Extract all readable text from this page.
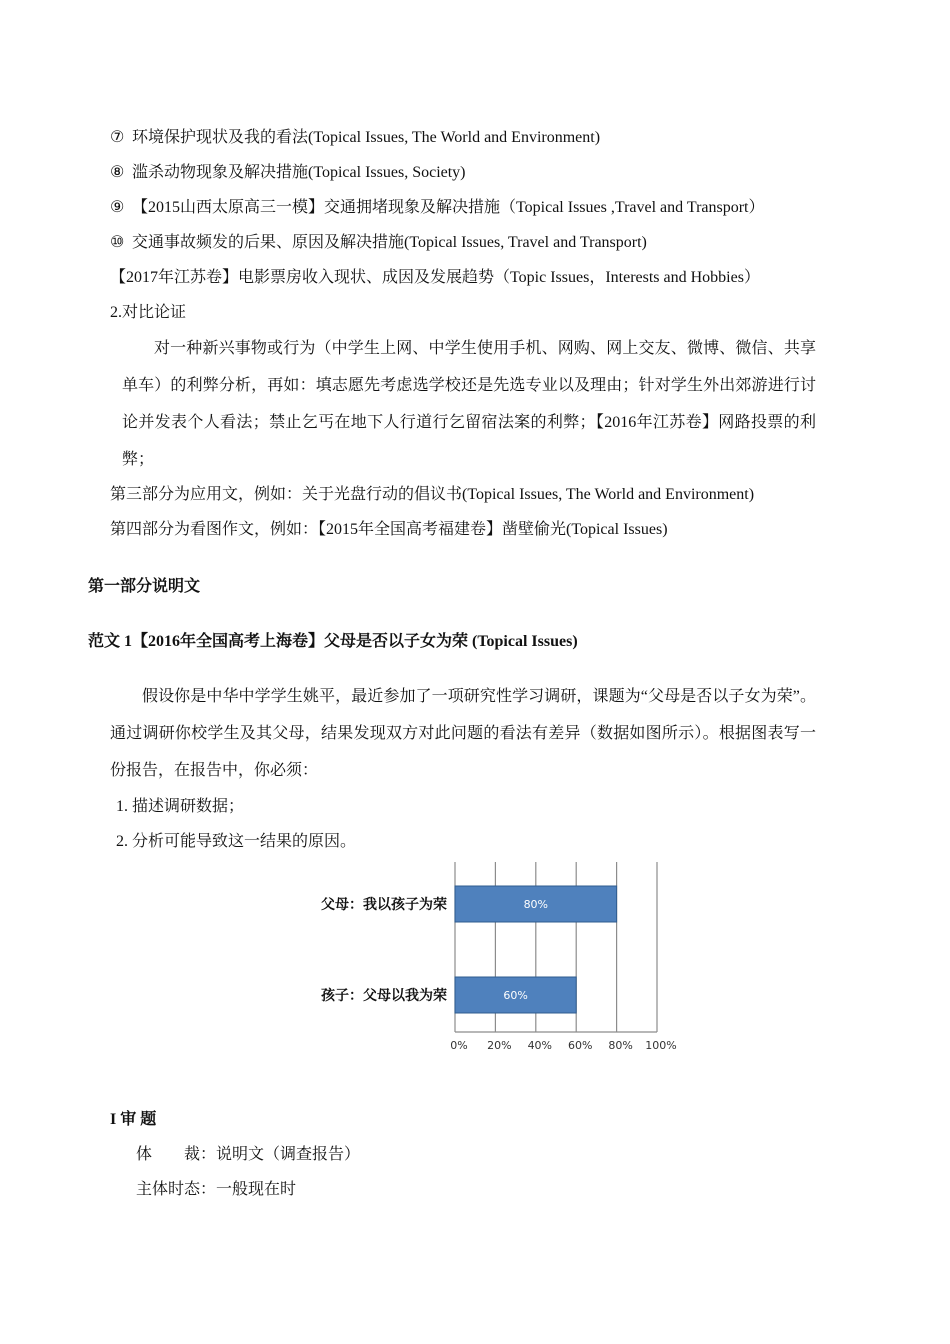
⑦ 环境保护现状及我的看法(Topical Issues, The World and Environment)
⑧ 滥杀动物现象及解决措施(Topical Issues, Society)
⑨ 【2015山西太原高三一模】交通拥堵现象及解决措施（Topical Issues ,Travel and Transport）
⑩ 交通事故频发的后果、原因及解决措施(Topical Issues, Travel and Transport)
【2017年江苏卷】电影票房收入现状、成因及发展趋势（Topic Issues，Interests and Hobbies）
2.对比论证
对一种新兴事物或行为（中学生上网、中学生使用手机、网购、网上交友、微博、微信、共享单车）的利弊分析，再如：填志愿先考虑选学校还是先选专业以及理由；针对学生外出郊游进行讨论并发表个人看法；禁止乞丐在地下人行道行乞留宿法案的利弊；【2016年江苏卷】网路投票的利弊；
第三部分为应用文，例如：关于光盘行动的倡议书(Topical Issues, The World and Environment)
第四部分为看图作文，例如：【2015年全国高考福建卷】凿壁偷光(Topical Issues)
第一部分说明文
范文 1【2016年全国高考上海卷】父母是否以子女为荣 (Topical Issues)
假设你是中华中学学生姚平，最近参加了一项研究性学习调研，课题为“父母是否以子女为荣”。通过调研你校学生及其父母，结果发现双方对此问题的看法有差异（数据如图所示）。根据图表写一份报告，在报告中，你必须：
1. 描述调研数据；
2. 分析可能导致这一结果的原因。
0% 20% 40% 60% 80% 100%
80%
父母：我以孩子为荣
60%
孩子：父母以我为荣
I 审 题
体　　裁：说明文（调查报告）
主体时态：一般现在时
